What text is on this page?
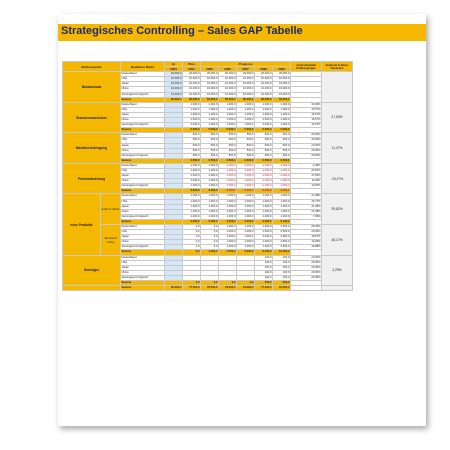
Strategisches Controlling – Sales GAP Tabelle
Einflussgröße		Bedienter Markt	Ist	Plan	Prognose					Anteil innerhalb Einflussgruppe	Anteil am 5-Jahres Wachstum
			2024	2024	2025	2026	2027	2028	2029		
Basisumsatz		Deutschland	20.000,0	20.000,0	20.000,0	20.000,0	20.000,0	20.000,0	20.000,0		
		USA	10.000,0	10.000,0	10.000,0	10.000,0	10.000,0	10.000,0	10.000,0		
		Japan	10.000,0	10.000,0	10.000,0	10.000,0	10.000,0	10.000,0	10.000,0		
		China	10.000,0	10.000,0	10.000,0	10.000,0	10.000,0	10.000,0	10.000,0		
		Vereinigtes Königreich	10.000,0	10.000,0	10.000,0	10.000,0	10.000,0	10.000,0	10.000,0		
		Summe	60.000,0	60.000,0	60.000,0	60.000,0	60.000,0	60.000,0	60.000,0		
Branchenwachstum		Deutschland		1.000,0	1.000,0	1.000,0	1.000,0	1.000,0	1.000,0	33,33%	27,53%
		USA		1.000,0	1.000,0	1.000,0	1.000,0	1.000,0	1.000,0	16,67%	
		Japan		1.000,0	1.000,0	1.000,0	1.000,0	1.000,0	1.000,0	16,67%	
		China		1.000,0	1.000,0	1.000,0	1.000,0	1.000,0	1.000,0	16,67%	
		Vereinigtes Königreich		1.000,0	1.000,0	1.000,0	1.000,0	1.000,0	1.000,0	16,67%	
		Summe		5.000,0	5.000,0	5.000,0	5.000,0	5.000,0	5.000,0		
Marktdurchdringung		Deutschland		500,0	500,0	500,0	500,0	500,0	500,0	20,00%	11,47%
		USA		500,0	500,0	500,0	500,0	500,0	500,0	20,00%	
		Japan		500,0	500,0	500,0	500,0	500,0	500,0	20,00%	
		China		500,0	500,0	500,0	500,0	500,0	500,0	20,00%	
		Vereinigtes Königreich		500,0	500,0	500,0	500,0	500,0	500,0	20,00%	
		Summe		2.500,0	2.500,0	2.500,0	2.500,0	2.500,0	2.500,0		
Preisveränderung		Deutschland		1.000,0	1.000,0	-1.000,0	-1.000,0	-1.000,0	-1.000,0	-2,38%	-19,27%
		USA		1.000,0	1.000,0	-1.000,0	-1.000,0	-1.000,0	-1.000,0	23,81%	
		Japan		1.000,0	1.000,0	-1.000,0	-1.000,0	-1.000,0	-1.000,0	47,62%	
		China		1.000,0	1.000,0	-1.000,0	-1.000,0	-1.000,0	-1.000,0	11,90%	
		Vereinigtes Königreich		1.000,0	1.000,0	-1.000,0	-1.000,0	-1.000,0	-1.000,0	19,05%	
		Summe		5.000,0	5.000,0	-5.000,0	-5.000,0	-5.000,0	-4.200,0		
neue Produkte	letzte 5 Jahre	Deutschland		1.000,0	1.000,0	1.000,0	1.000,0	1.000,0	1.000,0	21,38%	29,82%
		USA		1.000,0	1.000,0	1.000,0	1.000,0	1.000,0	1.000,0	16,77%	
		Japan		1.000,0	1.000,0	1.000,0	1.000,0	1.000,0	1.000,0	21,38%	
		China		1.000,0	1.000,0	1.000,0	1.000,0	1.000,0	1.000,0	21,38%	
		Vereinigtes Königreich		1.000,0	1.000,0	1.000,0	1.000,0	1.000,0	1.000,0	7,69%	
		Summe		5.000,0	5.000,0	5.000,0	5.000,0	5.000,0	6.345,0		
	nächste 5 Jahre	Deutschland		0,0	0,0	1.000,0	1.000,0	1.000,0	2.500,0	25,29%	48,17%
		USA		0,0	0,0	1.000,0	1.000,0	1.000,0	2.500,0	20,00%	
		Japan		0,0	0,0	1.000,0	1.000,0	1.000,0	2.500,0	18,57%	
		China		0,0	0,0	1.000,0	1.000,0	1.000,0	2.500,0	16,26%	
		Vereinigtes Königreich		0,0	0,0	1.000,0	1.000,0	1.000,0	2.500,0	19,88%	
		Summe		0,0	1.000,0	5.000,0	5.000,0	9.500,0	10.500,0		
Sonstiges		Deutschland						100,0	100,0	20,00%	2,29%
		USA						100,0	100,0	20,00%	
		Japan						100,0	100,0	20,00%	
		China						100,0	100,0	20,00%	
		Vereinigtes Königreich						100,0	100,0	20,00%	
		Summe		0,0	0,0	0,0	0,0	500,0	500,0		
		Summe	60.000,0	77.500,0	78.500,0	79.000,0	79.000,0	77.000,0	81.000,0		
